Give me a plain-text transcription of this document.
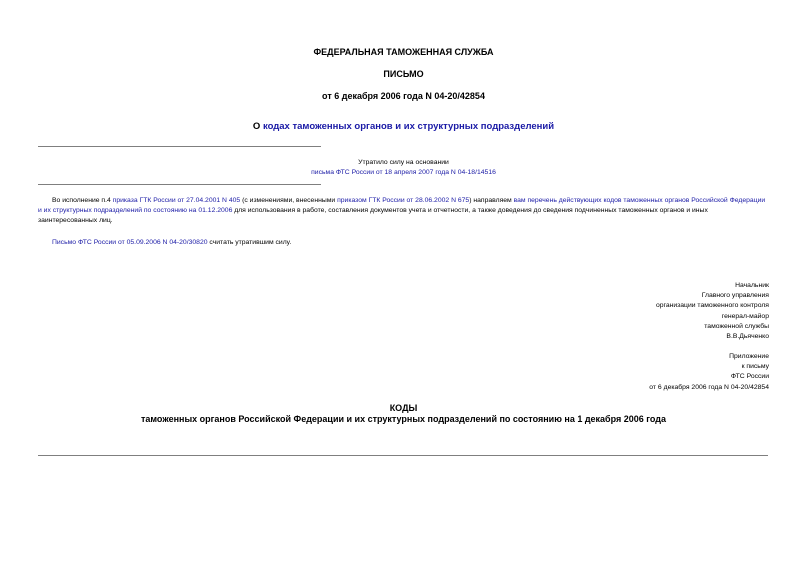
ФЕДЕРАЛЬНАЯ ТАМОЖЕННАЯ СЛУЖБА
ПИСЬМО
от 6 декабря 2006 года N 04-20/42854
О кодах таможенных органов и их структурных подразделений
Утратило силу на основании
письма ФТС России от 18 апреля 2007 года N 04-18/14516
Во исполнение п.4 приказа ГТК России от 27.04.2001 N 405 (с изменениями, внесенными приказом ГТК России от 28.06.2002 N 675) направляем вам перечень действующих кодов таможенных органов Российской Федерации и их структурных подразделений по состоянию на 01.12.2006 для использования в работе, составления документов учета и отчетности, а также доведения до сведения подчиненных таможенных органов и иных заинтересованных лиц.
Письмо ФТС России от 05.09.2006 N 04-20/30820 считать утратившим силу.
Начальник
Главного управления
организации таможенного контроля
генерал-майор
таможенной службы
В.В.Дьяченко
Приложение
к письму
ФТС России
от 6 декабря 2006 года N 04-20/42854
КОДЫ
таможенных органов Российской Федерации и их структурных подразделений по состоянию на 1 декабря 2006 года
